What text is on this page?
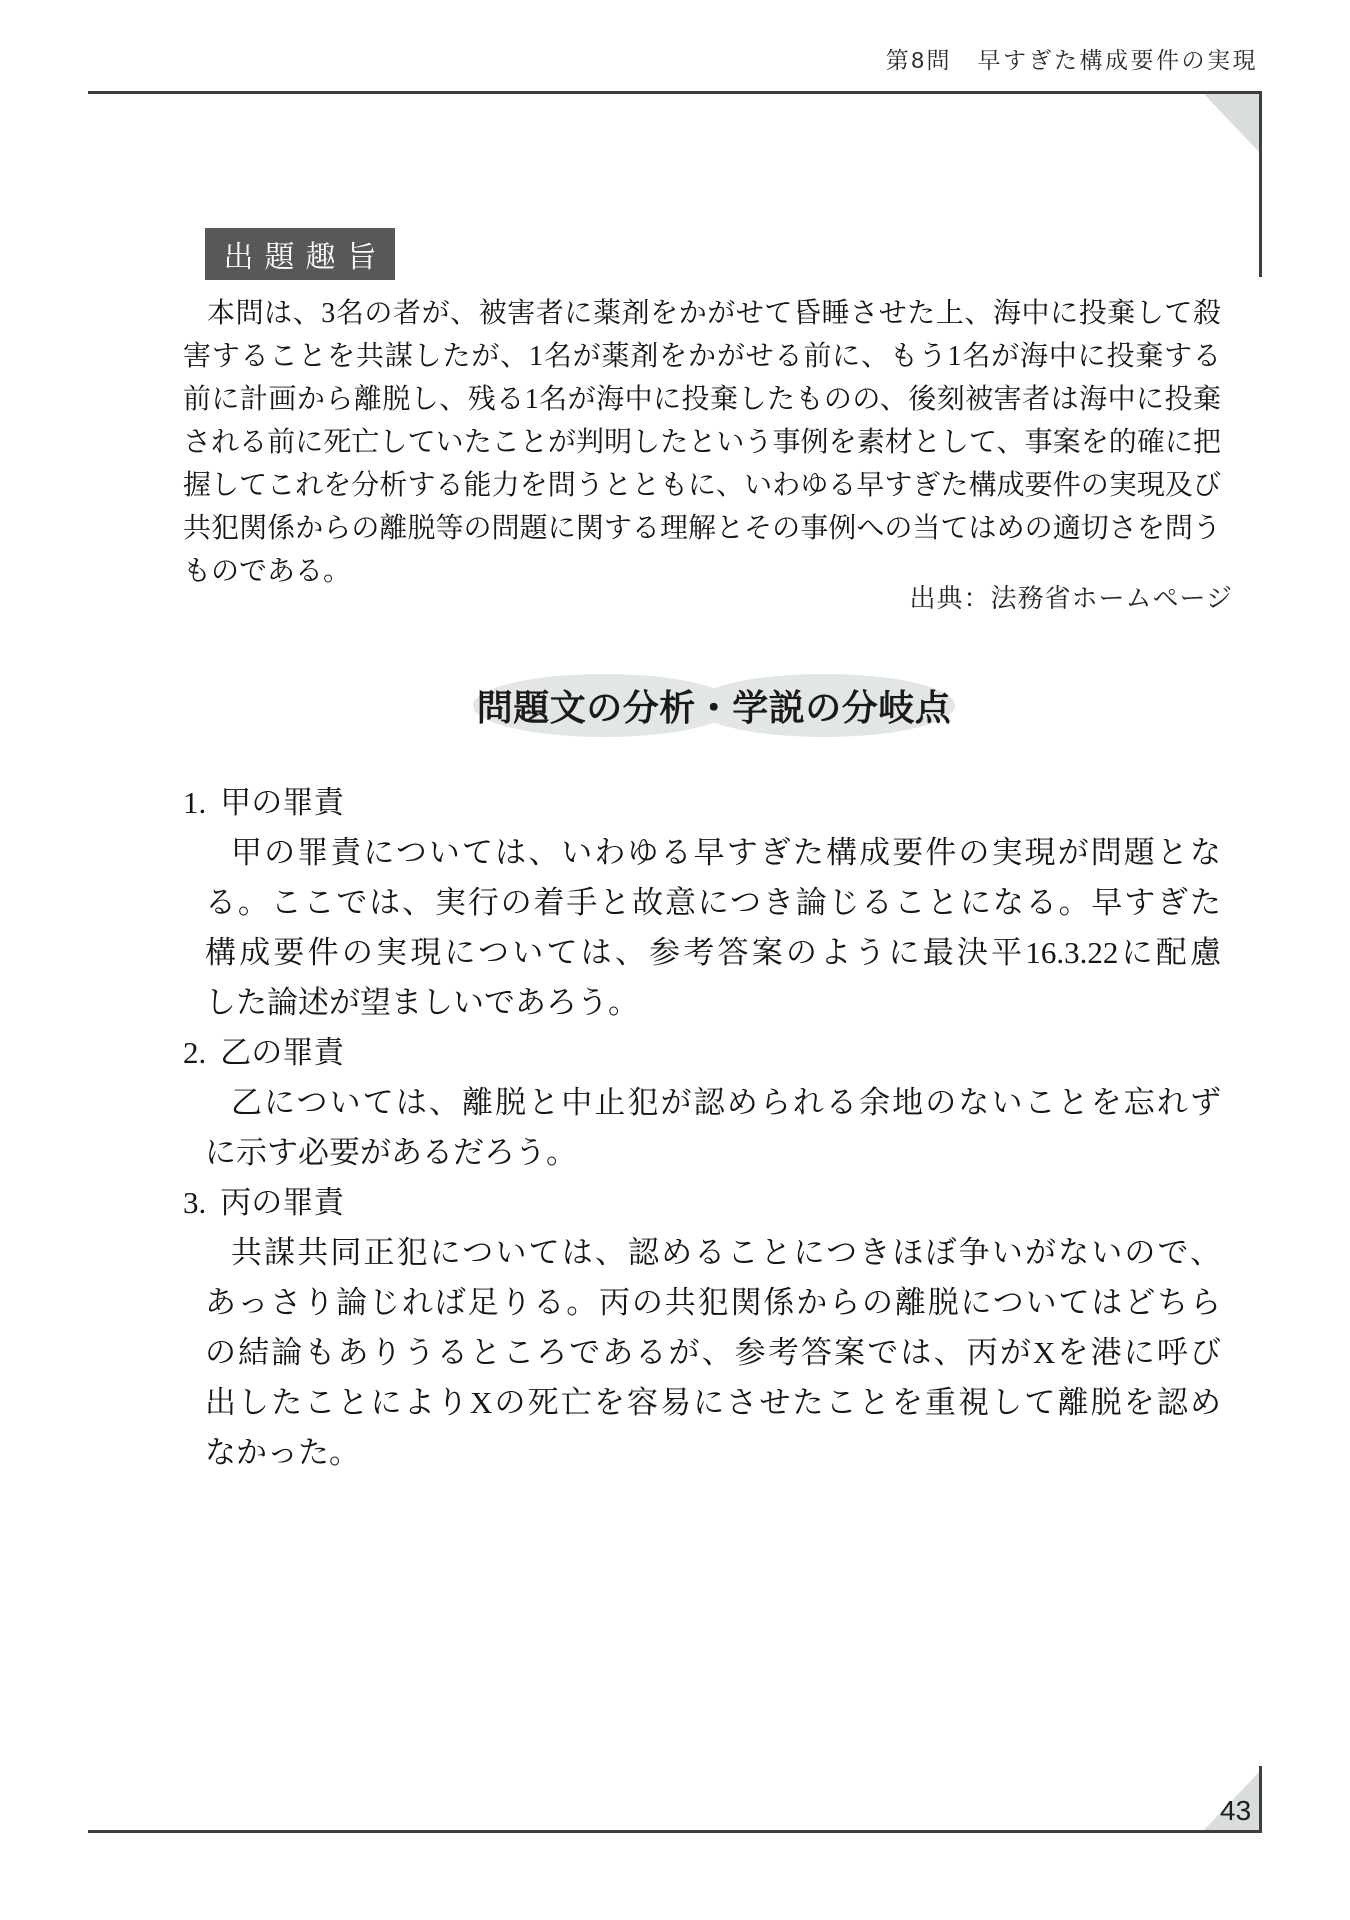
第8問　早すぎた構成要件の実現
43
出題趣旨
本問は、3名の者が、被害者に薬剤をかがせて昏睡させた上、海中に投棄して殺
害することを共謀したが、1名が薬剤をかがせる前に、もう1名が海中に投棄する
前に計画から離脱し、残る1名が海中に投棄したものの、後刻被害者は海中に投棄
される前に死亡していたことが判明したという事例を素材として、事案を的確に把
握してこれを分析する能力を問うとともに、いわゆる早すぎた構成要件の実現及び
共犯関係からの離脱等の問題に関する理解とその事例への当てはめの適切さを問う
ものである。
出典：法務省ホームページ
問題文の分析・学説の分岐点
1. 甲の罪責
甲の罪責については、いわゆる早すぎた構成要件の実現が問題とな
る。ここでは、実行の着手と故意につき論じることになる。早すぎた
構成要件の実現については、参考答案のように最決平16.3.22に配慮
した論述が望ましいであろう。
2. 乙の罪責
乙については、離脱と中止犯が認められる余地のないことを忘れず
に示す必要があるだろう。
3. 丙の罪責
共謀共同正犯については、認めることにつきほぼ争いがないので、
あっさり論じれば足りる。丙の共犯関係からの離脱についてはどちら
の結論もありうるところであるが、参考答案では、丙がXを港に呼び
出したことによりXの死亡を容易にさせたことを重視して離脱を認め
なかった。
